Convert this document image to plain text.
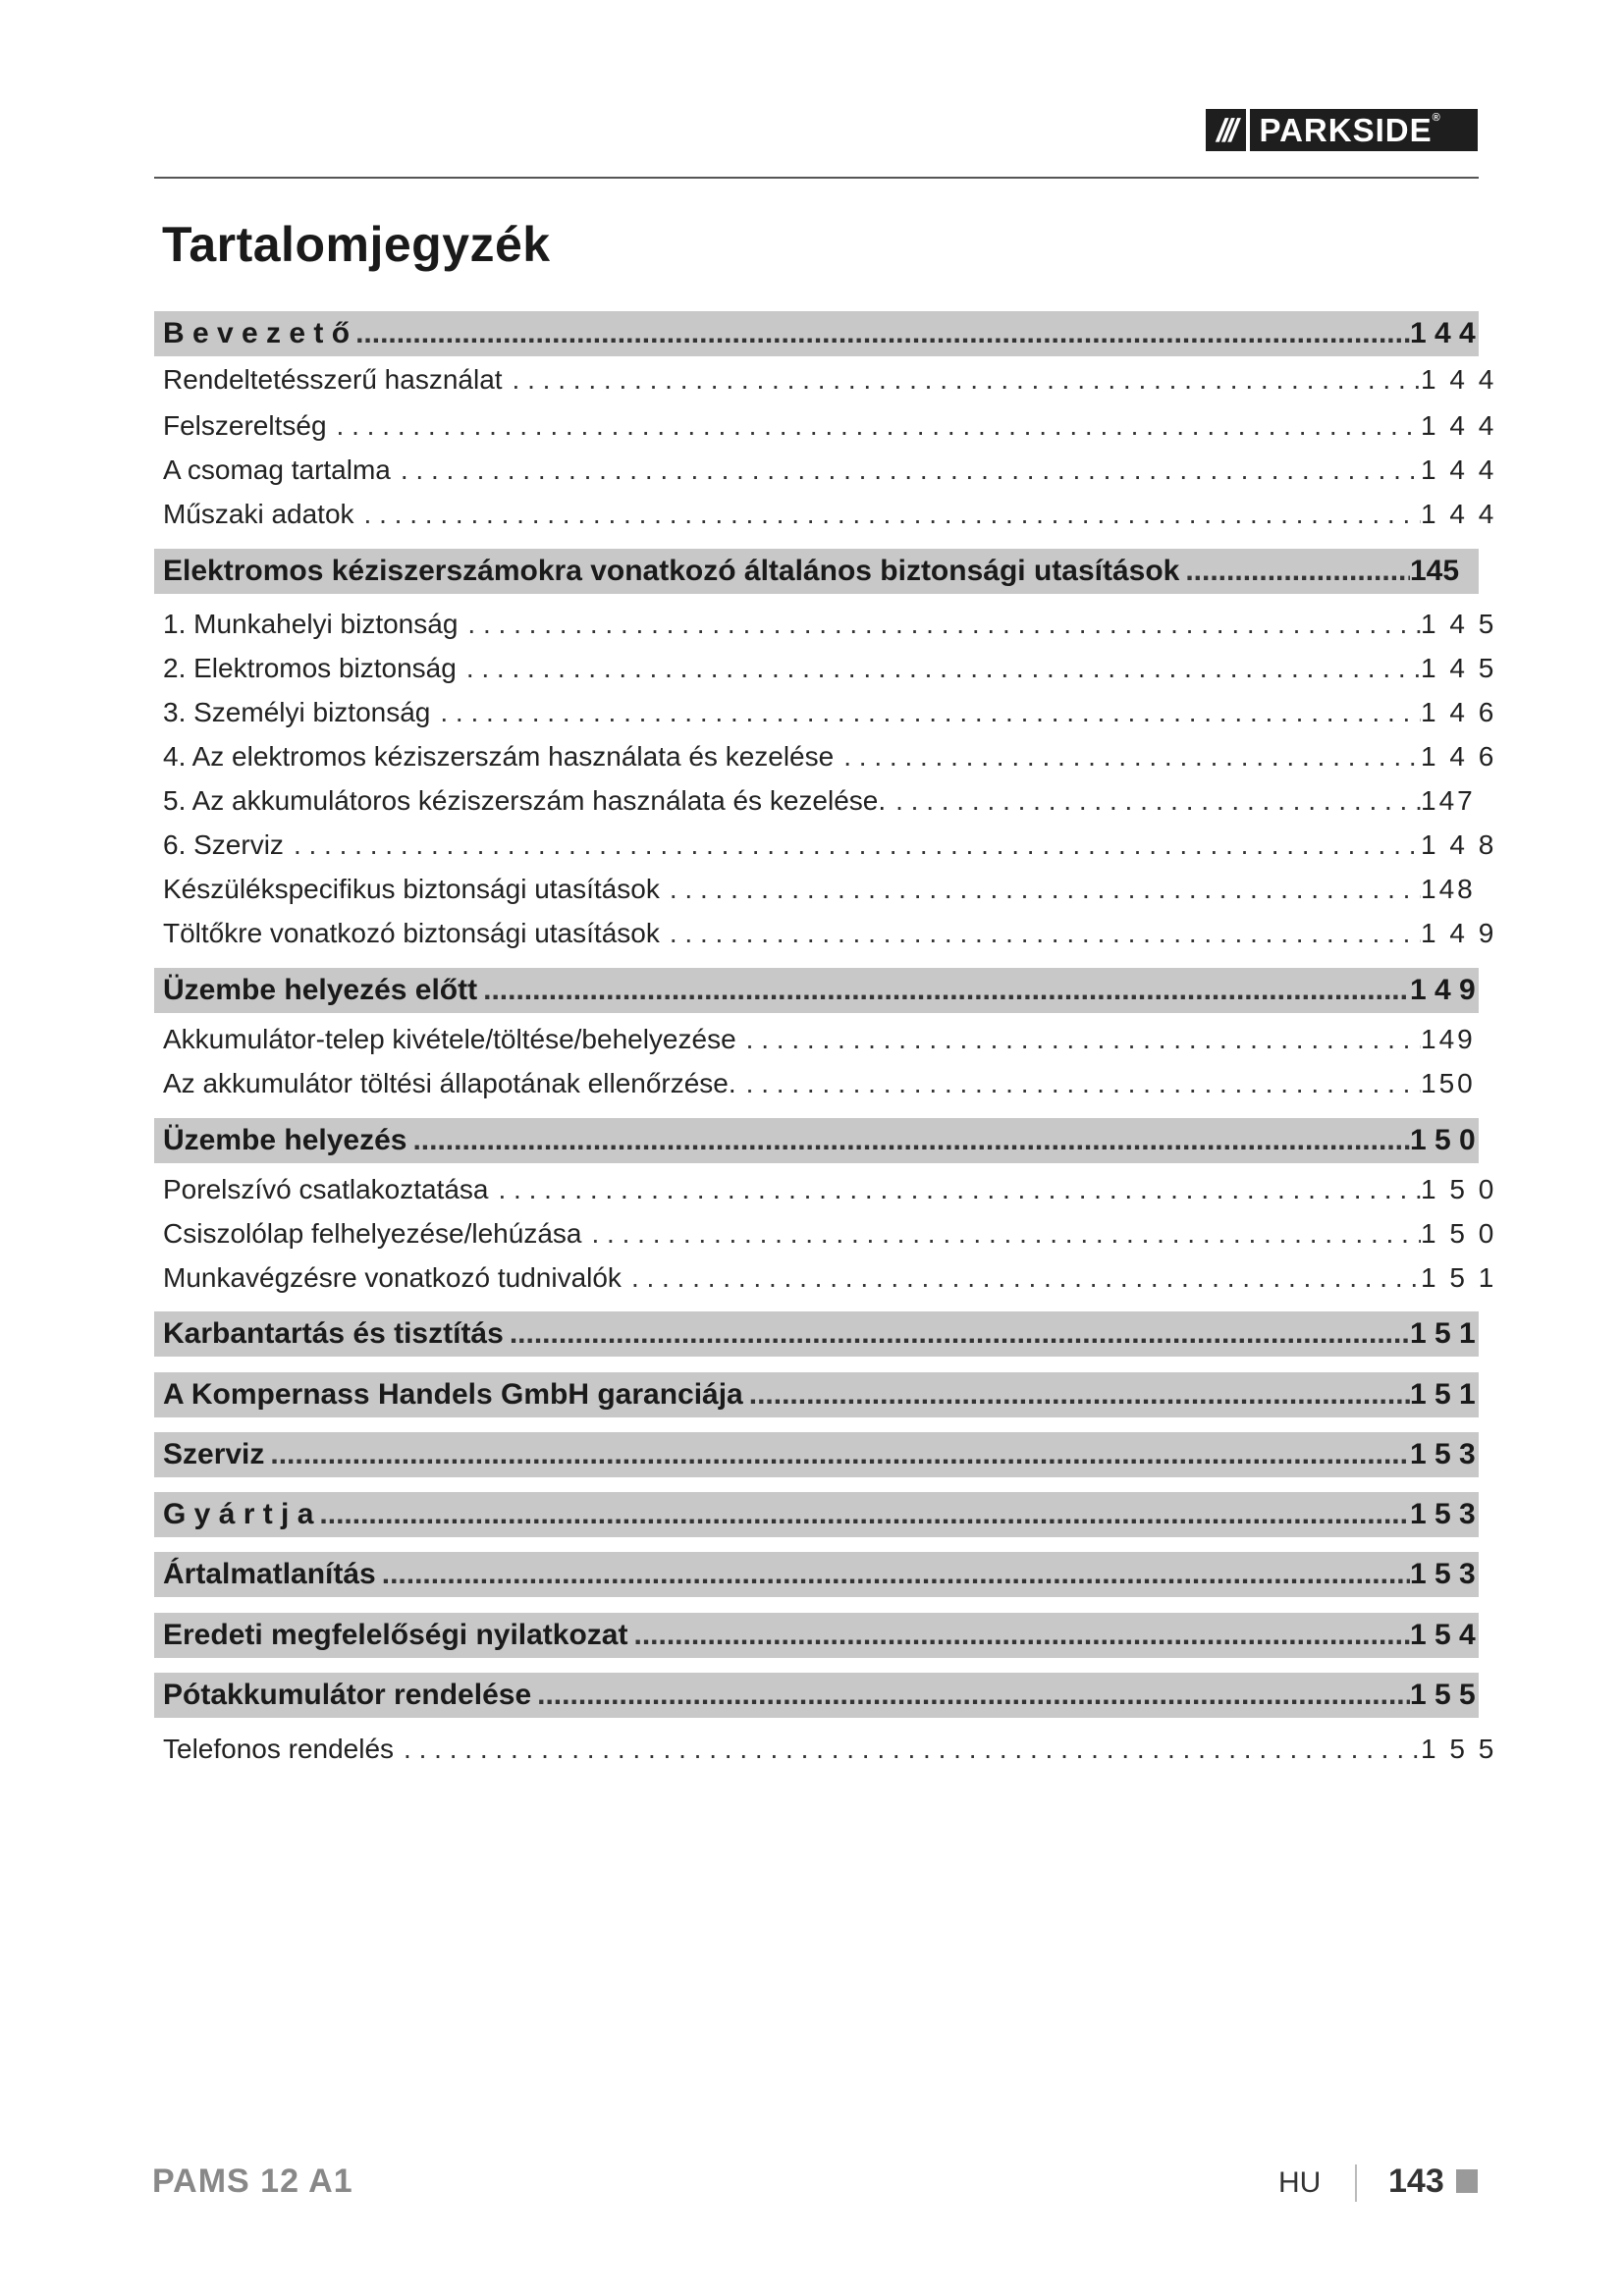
/// PARKSIDE®
Tartalomjegyzék
B e v e z e t ő .....	1 4 4
Rendeltetésszerű használat . . .	1 4 4
Felszereltség . . .	1 4 4
A csomag tartalma . . .	1 4 4
Műszaki adatok . . .	1 4 4
Elektromos kéziszerszámokra vonatkozó általános biztonsági utasítások .....	145
1. Munkahelyi biztonság . . .	1 4 5
2. Elektromos biztonság . . .	1 4 5
3. Személyi biztonság . . .	1 4 6
4. Az elektromos kéziszerszám használata és kezelése . . .	1 4 6
5. Az akkumulátoros kéziszerszám használata és kezelése. . . .	147
6. Szerviz . . .	1 4 8
Készülékspecifikus biztonsági utasítások . . .	148
Töltőkre vonatkozó biztonsági utasítások . . .	1 4 9
Üzembe helyezés előtt .....	1 4 9
Akkumulátor-telep kivétele/töltése/behelyezése . . .	149
Az akkumulátor töltési állapotának ellenőrzése. . . .	150
Üzembe helyezés .....	1 5 0
Porelszívó csatlakoztatása . . .	1 5 0
Csiszolólap felhelyezése/lehúzása . . .	1 5 0
Munkavégzésre vonatkozó tudnivalók . . .	1 5 1
Karbantartás és tisztítás .....	1 5 1
A Kompernass Handels GmbH garanciája .....	1 5 1
Szerviz .....	1 5 3
G y á r t j a .....	1 5 3
Ártalmatlanítás .....	1 5 3
Eredeti megfelelőségi nyilatkozat .....	1 5 4
Pótakkumulátor rendelése .....	1 5 5
Telefonos rendelés . . .	1 5 5
PAMS 12 A1	HU 143
